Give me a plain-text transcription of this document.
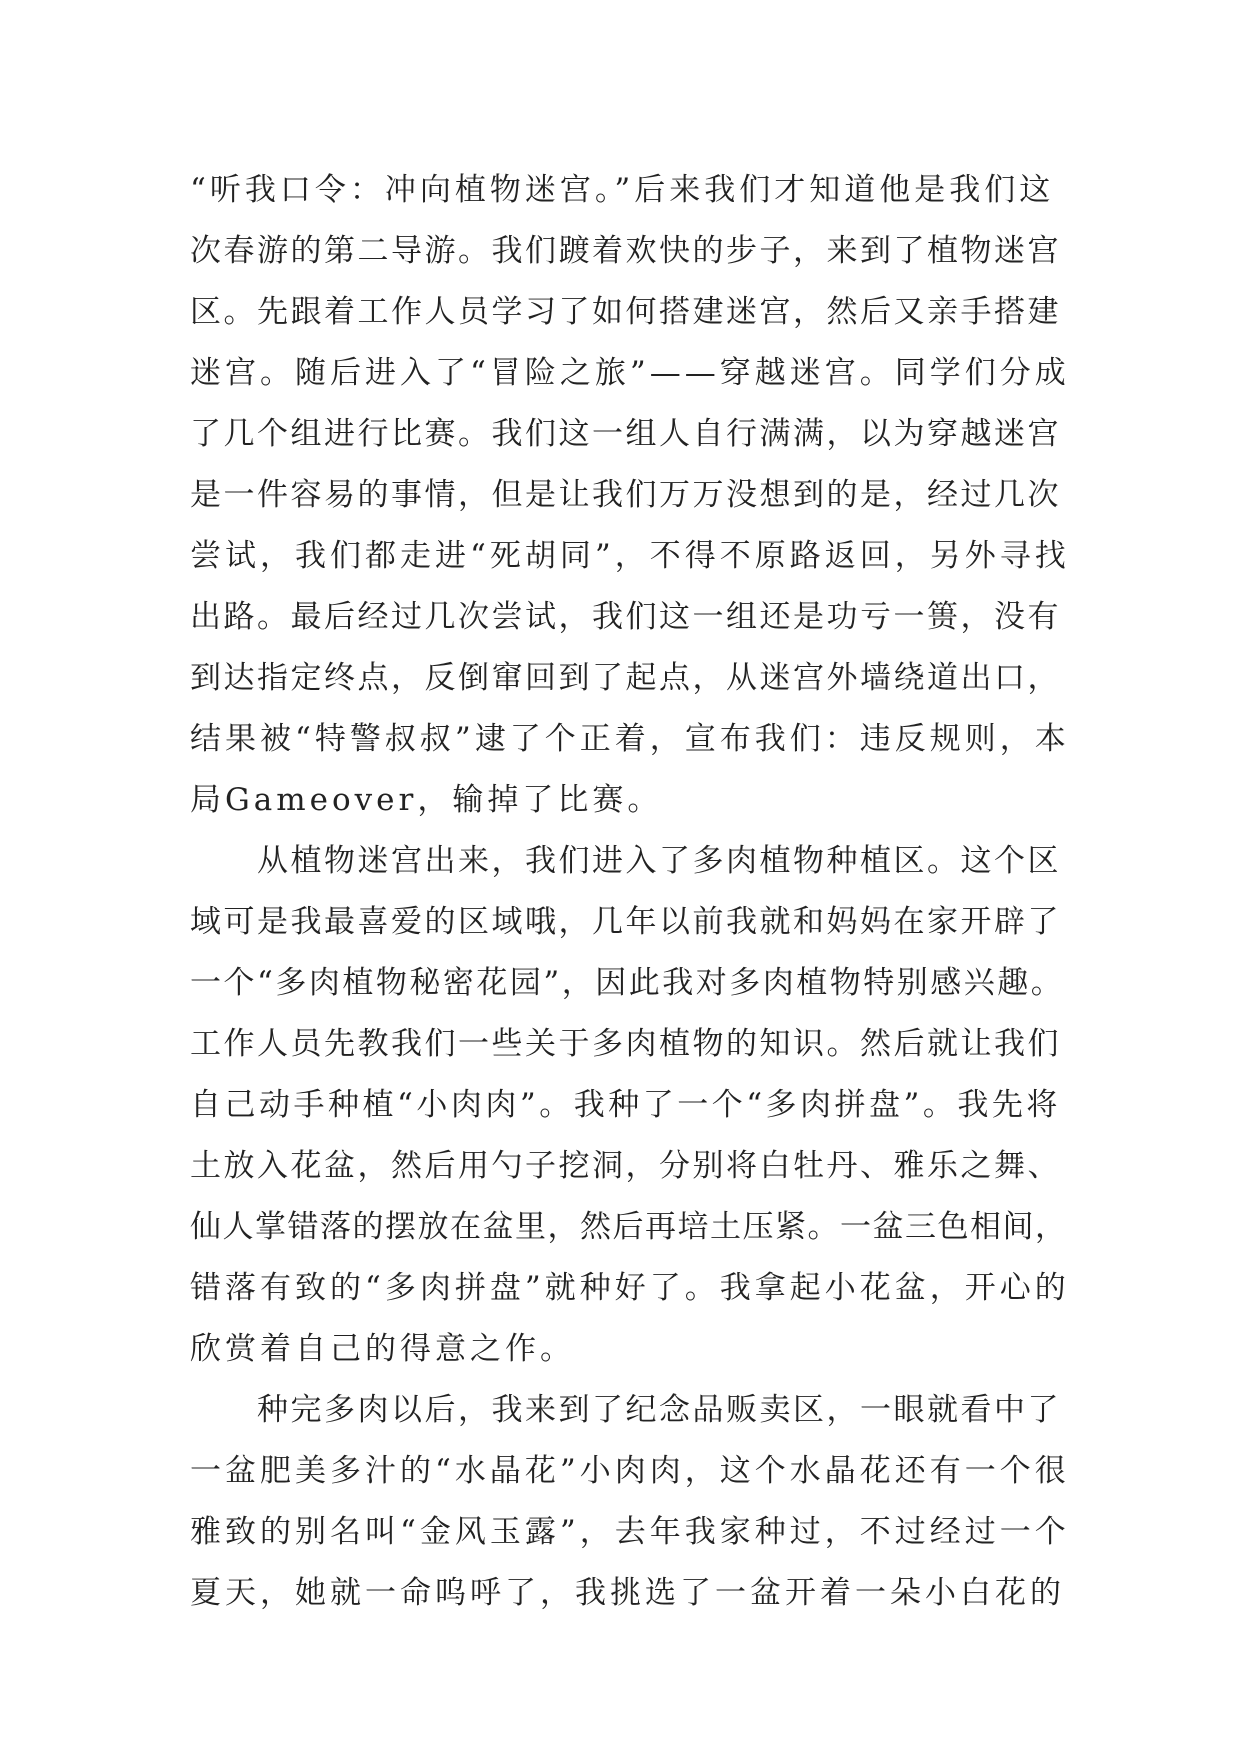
“听我口令：冲向植物迷宫。”后来我们才知道他是我们这
次春游的第二导游。我们踱着欢快的步子，来到了植物迷宫
区。先跟着工作人员学习了如何搭建迷宫，然后又亲手搭建
迷宫。随后进入了“冒险之旅”——穿越迷宫。同学们分成
了几个组进行比赛。我们这一组人自行满满，以为穿越迷宫
是一件容易的事情，但是让我们万万没想到的是，经过几次
尝试，我们都走进“死胡同”，不得不原路返回，另外寻找
出路。最后经过几次尝试，我们这一组还是功亏一篑，没有
到达指定终点，反倒窜回到了起点，从迷宫外墙绕道出口，
结果被“特警叔叔”逮了个正着，宣布我们：违反规则，本
局Gameover，输掉了比赛。
　　从植物迷宫出来，我们进入了多肉植物种植区。这个区
域可是我最喜爱的区域哦，几年以前我就和妈妈在家开辟了
一个“多肉植物秘密花园”，因此我对多肉植物特别感兴趣。
工作人员先教我们一些关于多肉植物的知识。然后就让我们
自己动手种植“小肉肉”。我种了一个“多肉拼盘”。我先将
土放入花盆，然后用勺子挖洞，分别将白牡丹、雅乐之舞、
仙人掌错落的摆放在盆里，然后再培土压紧。一盆三色相间，
错落有致的“多肉拼盘”就种好了。我拿起小花盆，开心的
欣赏着自己的得意之作。
　　种完多肉以后，我来到了纪念品贩卖区，一眼就看中了
一盆肥美多汁的“水晶花”小肉肉，这个水晶花还有一个很
雅致的别名叫“金风玉露”，去年我家种过，不过经过一个
夏天，她就一命呜呼了，我挑选了一盆开着一朵小白花的
